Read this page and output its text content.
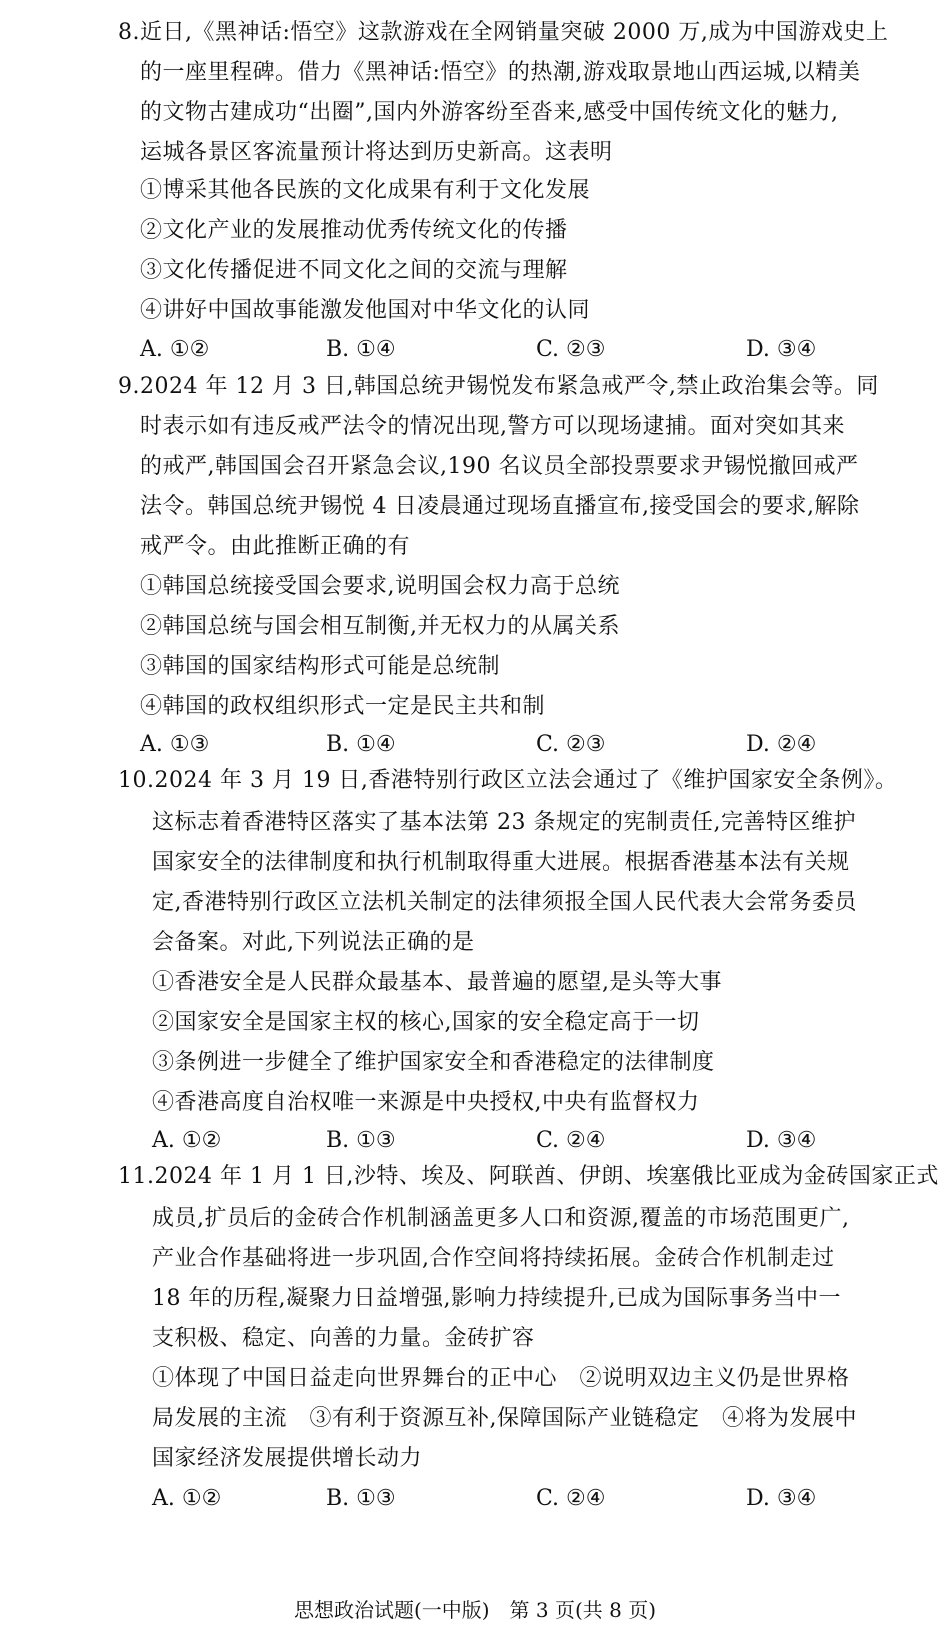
8.近日,《黑神话:悟空》这款游戏在全网销量突破 2000 万,成为中国游戏史上
的一座里程碑。借力《黑神话:悟空》的热潮,游戏取景地山西运城,以精美
的文物古建成功“出圈”,国内外游客纷至沓来,感受中国传统文化的魅力,
运城各景区客流量预计将达到历史新高。这表明
①博采其他各民族的文化成果有利于文化发展
②文化产业的发展推动优秀传统文化的传播
③文化传播促进不同文化之间的交流与理解
④讲好中国故事能激发他国对中华文化的认同
A. ①②	B. ①④	C. ②③	D. ③④
9.2024 年 12 月 3 日,韩国总统尹锡悦发布紧急戒严令,禁止政治集会等。同
时表示如有违反戒严法令的情况出现,警方可以现场逮捕。面对突如其来
的戒严,韩国国会召开紧急会议,190 名议员全部投票要求尹锡悦撤回戒严
法令。韩国总统尹锡悦 4 日凌晨通过现场直播宣布,接受国会的要求,解除
戒严令。由此推断正确的有
①韩国总统接受国会要求,说明国会权力高于总统
②韩国总统与国会相互制衡,并无权力的从属关系
③韩国的国家结构形式可能是总统制
④韩国的政权组织形式一定是民主共和制
A. ①③	B. ①④	C. ②③	D. ②④
10.2024 年 3 月 19 日,香港特别行政区立法会通过了《维护国家安全条例》。
这标志着香港特区落实了基本法第 23 条规定的宪制责任,完善特区维护
国家安全的法律制度和执行机制取得重大进展。根据香港基本法有关规
定,香港特别行政区立法机关制定的法律须报全国人民代表大会常务委员
会备案。对此,下列说法正确的是
①香港安全是人民群众最基本、最普遍的愿望,是头等大事
②国家安全是国家主权的核心,国家的安全稳定高于一切
③条例进一步健全了维护国家安全和香港稳定的法律制度
④香港高度自治权唯一来源是中央授权,中央有监督权力
A. ①②	B. ①③	C. ②④	D. ③④
11.2024 年 1 月 1 日,沙特、埃及、阿联酋、伊朗、埃塞俄比亚成为金砖国家正式
成员,扩员后的金砖合作机制涵盖更多人口和资源,覆盖的市场范围更广,
产业合作基础将进一步巩固,合作空间将持续拓展。金砖合作机制走过
18 年的历程,凝聚力日益增强,影响力持续提升,已成为国际事务当中一
支积极、稳定、向善的力量。金砖扩容
①体现了中国日益走向世界舞台的正中心　②说明双边主义仍是世界格
局发展的主流　③有利于资源互补,保障国际产业链稳定　④将为发展中
国家经济发展提供增长动力
A. ①②	B. ①③	C. ②④	D. ③④
思想政治试题(一中版)　第 3 页(共 8 页)
